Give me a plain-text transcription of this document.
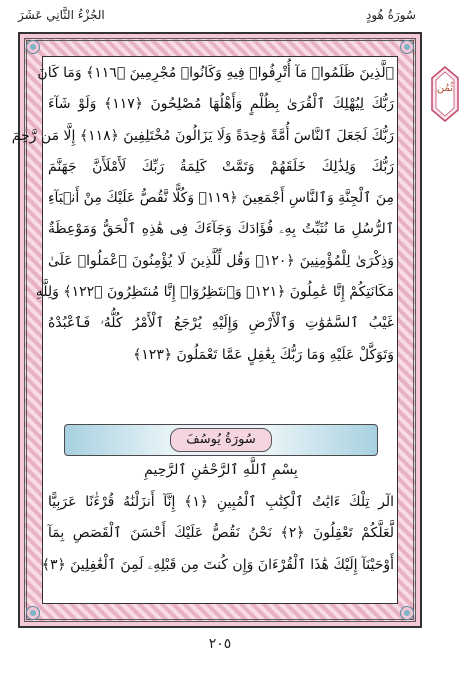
سُورَةُ هُودٍ
الجُزْءُ الثَّانِي عَشَرَ
ثُمُن
ٱلَّذِينَ ظَلَمُوا۟ مَآ أُتْرِفُوا۟ فِيهِ وَكَانُوا۟ مُجْرِمِينَ ﴿١١٦﴾ وَمَا كَانَ
رَبُّكَ لِيُهْلِكَ ٱلْقُرَىٰ بِظُلْمٍ وَأَهْلُهَا مُصْلِحُونَ ﴿١١٧﴾ وَلَوْ شَآءَ
رَبُّكَ لَجَعَلَ ٱلنَّاسَ أُمَّةً وَٰحِدَةً وَلَا يَزَالُونَ مُخْتَلِفِينَ ﴿١١٨﴾ إِلَّا مَن رَّحِمَ
رَبُّكَ وَلِذَٰلِكَ خَلَقَهُمْ وَتَمَّتْ كَلِمَةُ رَبِّكَ لَأَمْلَأَنَّ جَهَنَّمَ
مِنَ ٱلْجِنَّةِ وَٱلنَّاسِ أَجْمَعِينَ ﴿١١٩﴾ وَكُلًّا نَّقُصُّ عَلَيْكَ مِنْ أَنۢبَآءِ
ٱلرُّسُلِ مَا نُثَبِّتُ بِهِۦ فُؤَادَكَ وَجَآءَكَ فِى هَٰذِهِ ٱلْحَقُّ وَمَوْعِظَةٌ
وَذِكْرَىٰ لِلْمُؤْمِنِينَ ﴿١٢٠﴾ وَقُل لِّلَّذِينَ لَا يُؤْمِنُونَ ٱعْمَلُوا۟ عَلَىٰ
مَكَانَتِكُمْ إِنَّا عَٰمِلُونَ ﴿١٢١﴾ وَٱنتَظِرُوٓا۟ إِنَّا مُنتَظِرُونَ ﴿١٢٢﴾ وَلِلَّهِ
غَيْبُ ٱلسَّمَٰوَٰتِ وَٱلْأَرْضِ وَإِلَيْهِ يُرْجَعُ ٱلْأَمْرُ كُلُّهُۥ فَٱعْبُدْهُ
وَتَوَكَّلْ عَلَيْهِ وَمَا رَبُّكَ بِغَٰفِلٍ عَمَّا تَعْمَلُونَ ﴿١٢٣﴾
سُورَةُ يُوسُفَ
بِسْمِ ٱللَّهِ ٱلرَّحْمَٰنِ ٱلرَّحِيمِ
الٓر تِلْكَ ءَايَٰتُ ٱلْكِتَٰبِ ٱلْمُبِينِ ﴿١﴾ إِنَّآ أَنزَلْنَٰهُ قُرْءَٰنًا عَرَبِيًّا
لَّعَلَّكُمْ تَعْقِلُونَ ﴿٢﴾ نَحْنُ نَقُصُّ عَلَيْكَ أَحْسَنَ ٱلْقَصَصِ بِمَآ
أَوْحَيْنَآ إِلَيْكَ هَٰذَا ٱلْقُرْءَانَ وَإِن كُنتَ مِن قَبْلِهِۦ لَمِنَ ٱلْغَٰفِلِينَ ﴿٣﴾
٢٠٥
